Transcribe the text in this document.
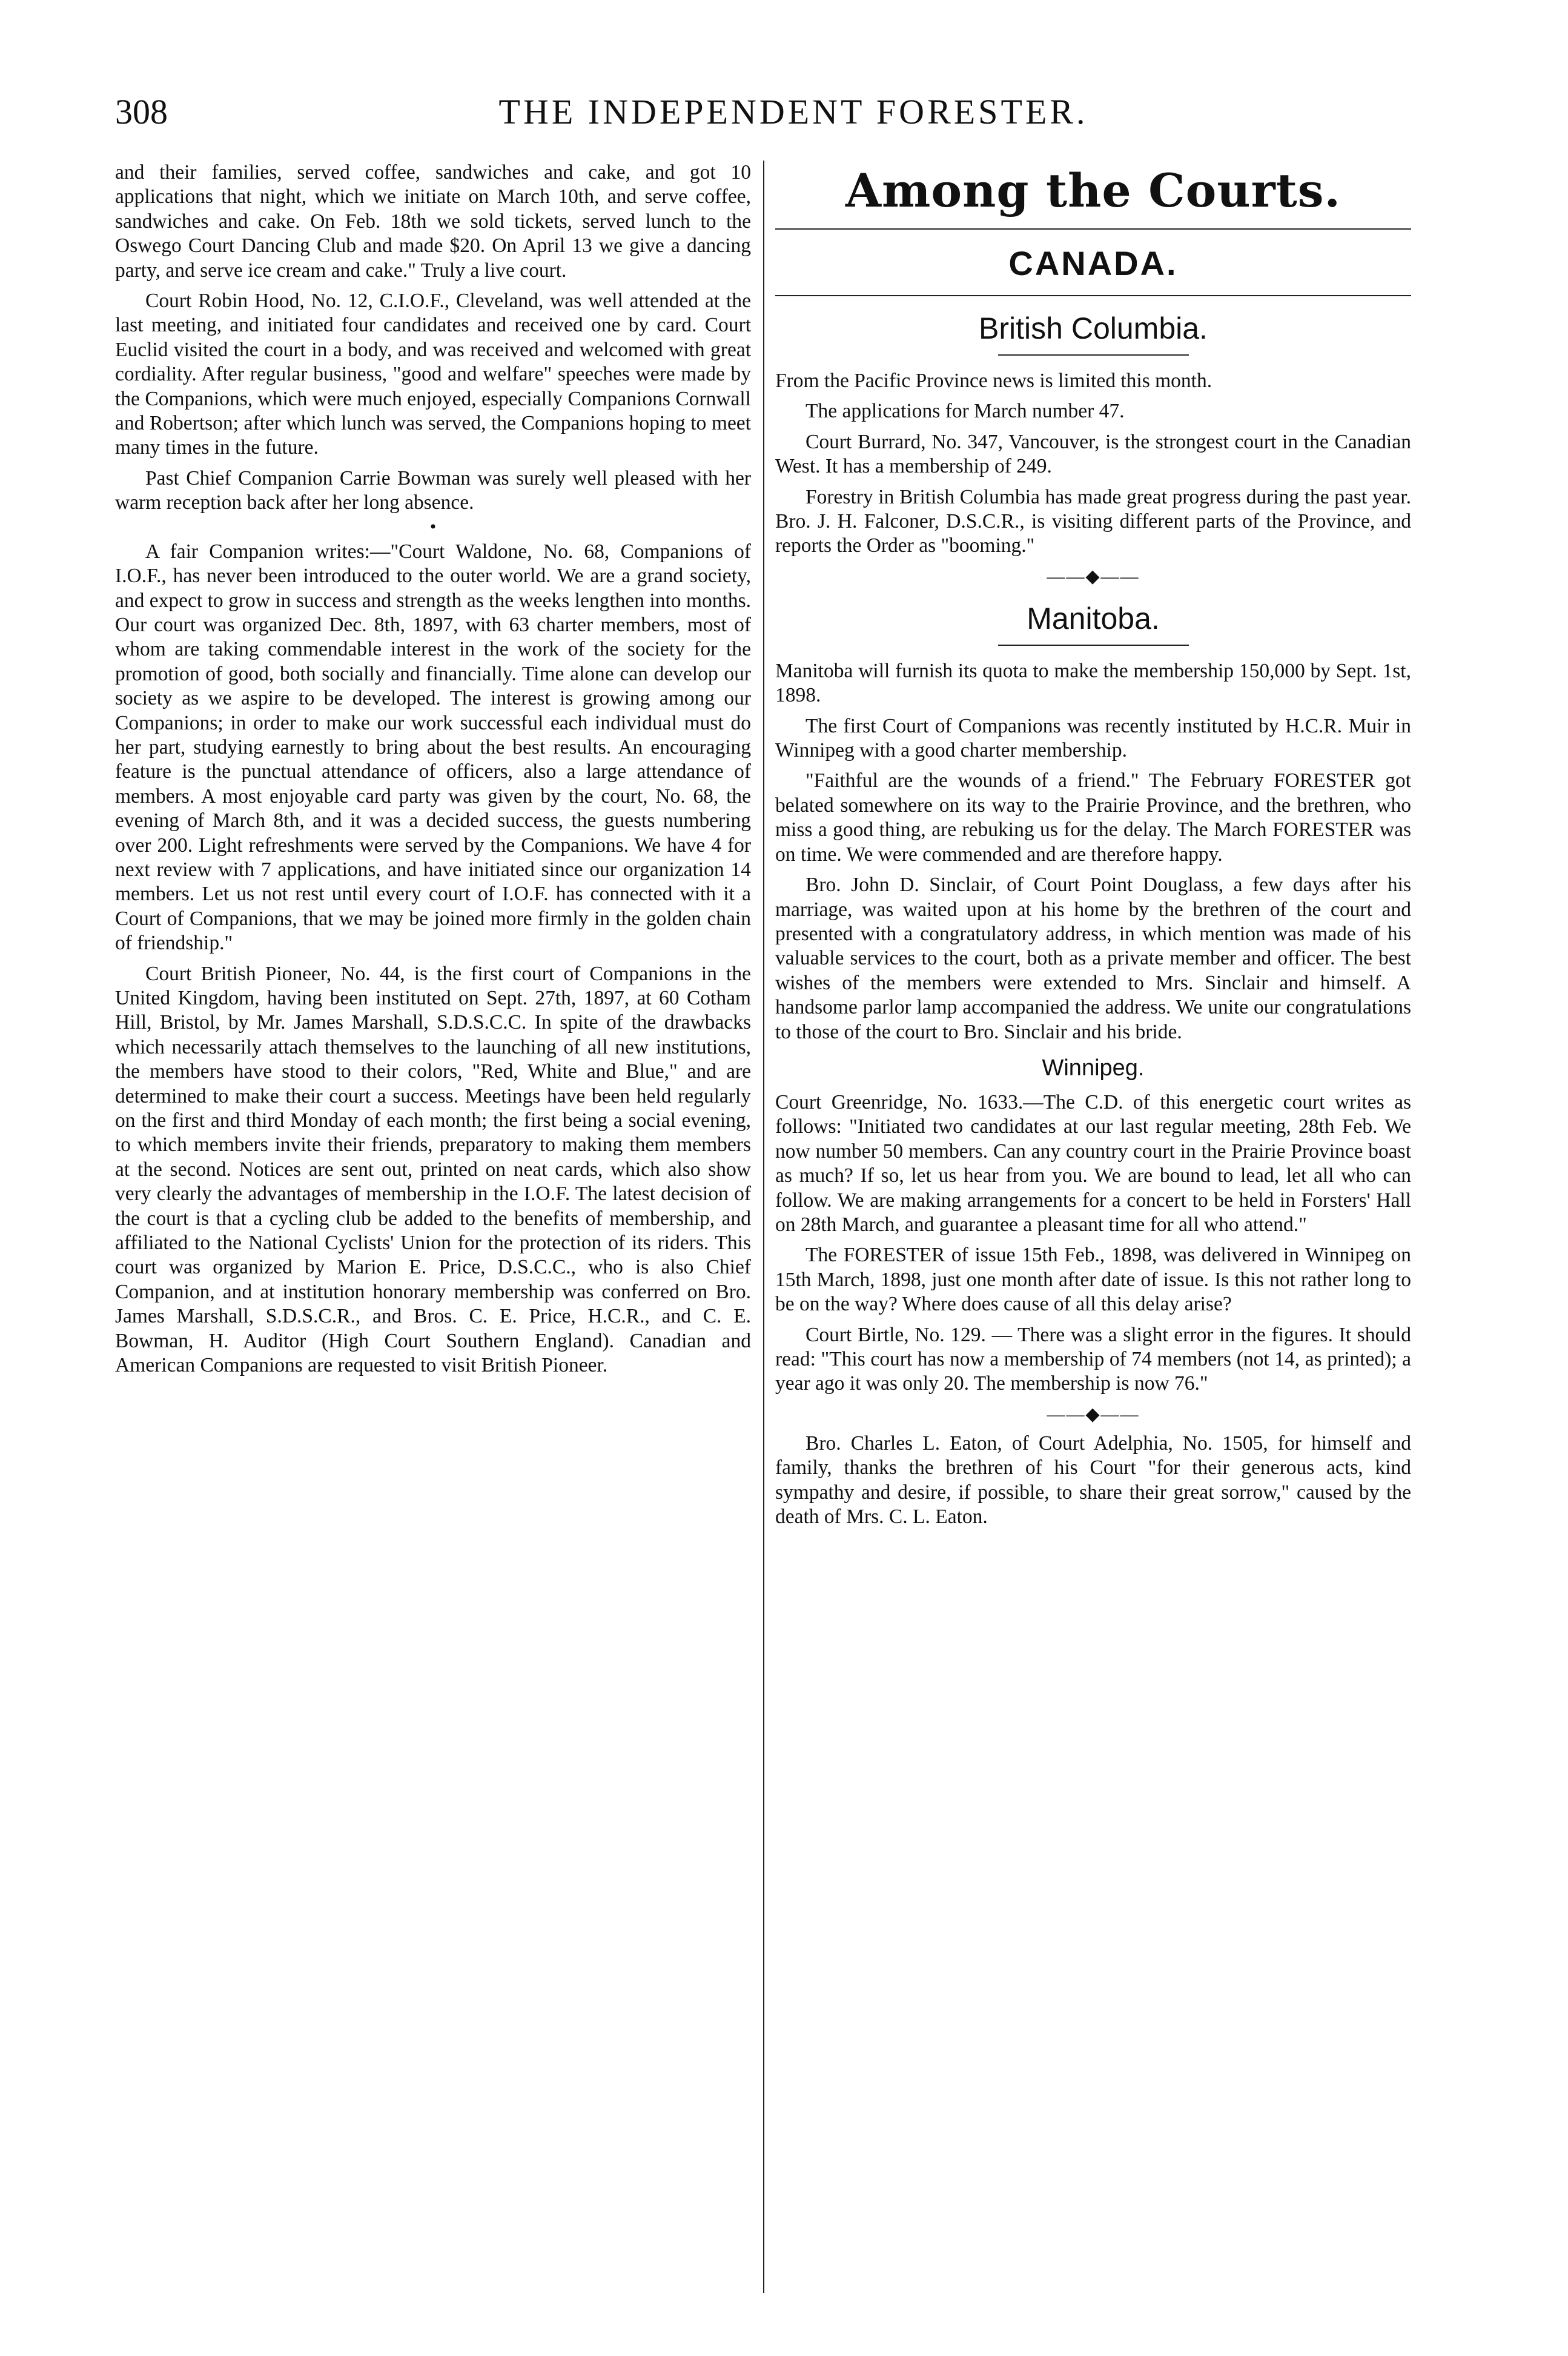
308	THE INDEPENDENT FORESTER.

and their families, served coffee, sandwiches and cake, and got 10 applications that night, which we initiate on March 10th, and serve coffee, sandwiches and cake. On Feb. 18th we sold tickets, served lunch to the Oswego Court Dancing Club and made $20. On April 13 we give a dancing party, and serve ice cream and cake." Truly a live court.

Court Robin Hood, No. 12, C.I.O.F., Cleveland, was well attended at the last meeting, and initiated four candidates and received one by card. Court Euclid visited the court in a body, and was received and welcomed with great cordiality. After regular business, "good and welfare" speeches were made by the Companions, which were much enjoyed, especially Companions Cornwall and Robertson; after which lunch was served, the Companions hoping to meet many times in the future.

Past Chief Companion Carrie Bowman was surely well pleased with her warm reception back after her long absence.

•

A fair Companion writes:—"Court Waldone, No. 68, Companions of I.O.F., has never been introduced to the outer world. We are a grand society, and expect to grow in success and strength as the weeks lengthen into months. Our court was organized Dec. 8th, 1897, with 63 charter members, most of whom are taking commendable interest in the work of the society for the promotion of good, both socially and financially. Time alone can develop our society as we aspire to be developed. The interest is growing among our Companions; in order to make our work successful each individual must do her part, studying earnestly to bring about the best results. An encouraging feature is the punctual attendance of officers, also a large attendance of members. A most enjoyable card party was given by the court, No. 68, the evening of March 8th, and it was a decided success, the guests numbering over 200. Light refreshments were served by the Companions. We have 4 for next review with 7 applications, and have initiated since our organization 14 members. Let us not rest until every court of I.O.F. has connected with it a Court of Companions, that we may be joined more firmly in the golden chain of friendship."

Court British Pioneer, No. 44, is the first court of Companions in the United Kingdom, having been instituted on Sept. 27th, 1897, at 60 Cotham Hill, Bristol, by Mr. James Marshall, S.D.S.C.C. In spite of the drawbacks which necessarily attach themselves to the launching of all new institutions, the members have stood to their colors, "Red, White and Blue," and are determined to make their court a success. Meetings have been held regularly on the first and third Monday of each month; the first being a social evening, to which members invite their friends, preparatory to making them members at the second. Notices are sent out, printed on neat cards, which also show very clearly the advantages of membership in the I.O.F. The latest decision of the court is that a cycling club be added to the benefits of membership, and affiliated to the National Cyclists' Union for the protection of its riders. This court was organized by Marion E. Price, D.S.C.C., who is also Chief Companion, and at institution honorary membership was conferred on Bro. James Marshall, S.D.S.C.R., and Bros. C. E. Price, H.C.R., and C. E. Bowman, H. Auditor (High Court Southern England). Canadian and American Companions are requested to visit British Pioneer.

Among the Courts.
CANADA.
British Columbia.

From the Pacific Province news is limited this month.

The applications for March number 47.

Court Burrard, No. 347, Vancouver, is the strongest court in the Canadian West. It has a membership of 249.

Forestry in British Columbia has made great progress during the past year. Bro. J. H. Falconer, D.S.C.R., is visiting different parts of the Province, and reports the Order as "booming."

——◆——
Manitoba.

Manitoba will furnish its quota to make the membership 150,000 by Sept. 1st, 1898.

The first Court of Companions was recently instituted by H.C.R. Muir in Winnipeg with a good charter membership.

"Faithful are the wounds of a friend." The February FORESTER got belated somewhere on its way to the Prairie Province, and the brethren, who miss a good thing, are rebuking us for the delay. The March FORESTER was on time. We were commended and are therefore happy.

Bro. John D. Sinclair, of Court Point Douglass, a few days after his marriage, was waited upon at his home by the brethren of the court and presented with a congratulatory address, in which mention was made of his valuable services to the court, both as a private member and officer. The best wishes of the members were extended to Mrs. Sinclair and himself. A handsome parlor lamp accompanied the address. We unite our congratulations to those of the court to Bro. Sinclair and his bride.

Winnipeg.

Court Greenridge, No. 1633.—The C.D. of this energetic court writes as follows: "Initiated two candidates at our last regular meeting, 28th Feb. We now number 50 members. Can any country court in the Prairie Province boast as much? If so, let us hear from you. We are bound to lead, let all who can follow. We are making arrangements for a concert to be held in Forsters' Hall on 28th March, and guarantee a pleasant time for all who attend."

The FORESTER of issue 15th Feb., 1898, was delivered in Winnipeg on 15th March, 1898, just one month after date of issue. Is this not rather long to be on the way? Where does cause of all this delay arise?

Court Birtle, No. 129. — There was a slight error in the figures. It should read: "This court has now a membership of 74 members (not 14, as printed); a year ago it was only 20. The membership is now 76."

——◆——

Bro. Charles L. Eaton, of Court Adelphia, No. 1505, for himself and family, thanks the brethren of his Court "for their generous acts, kind sympathy and desire, if possible, to share their great sorrow," caused by the death of Mrs. C. L. Eaton.
